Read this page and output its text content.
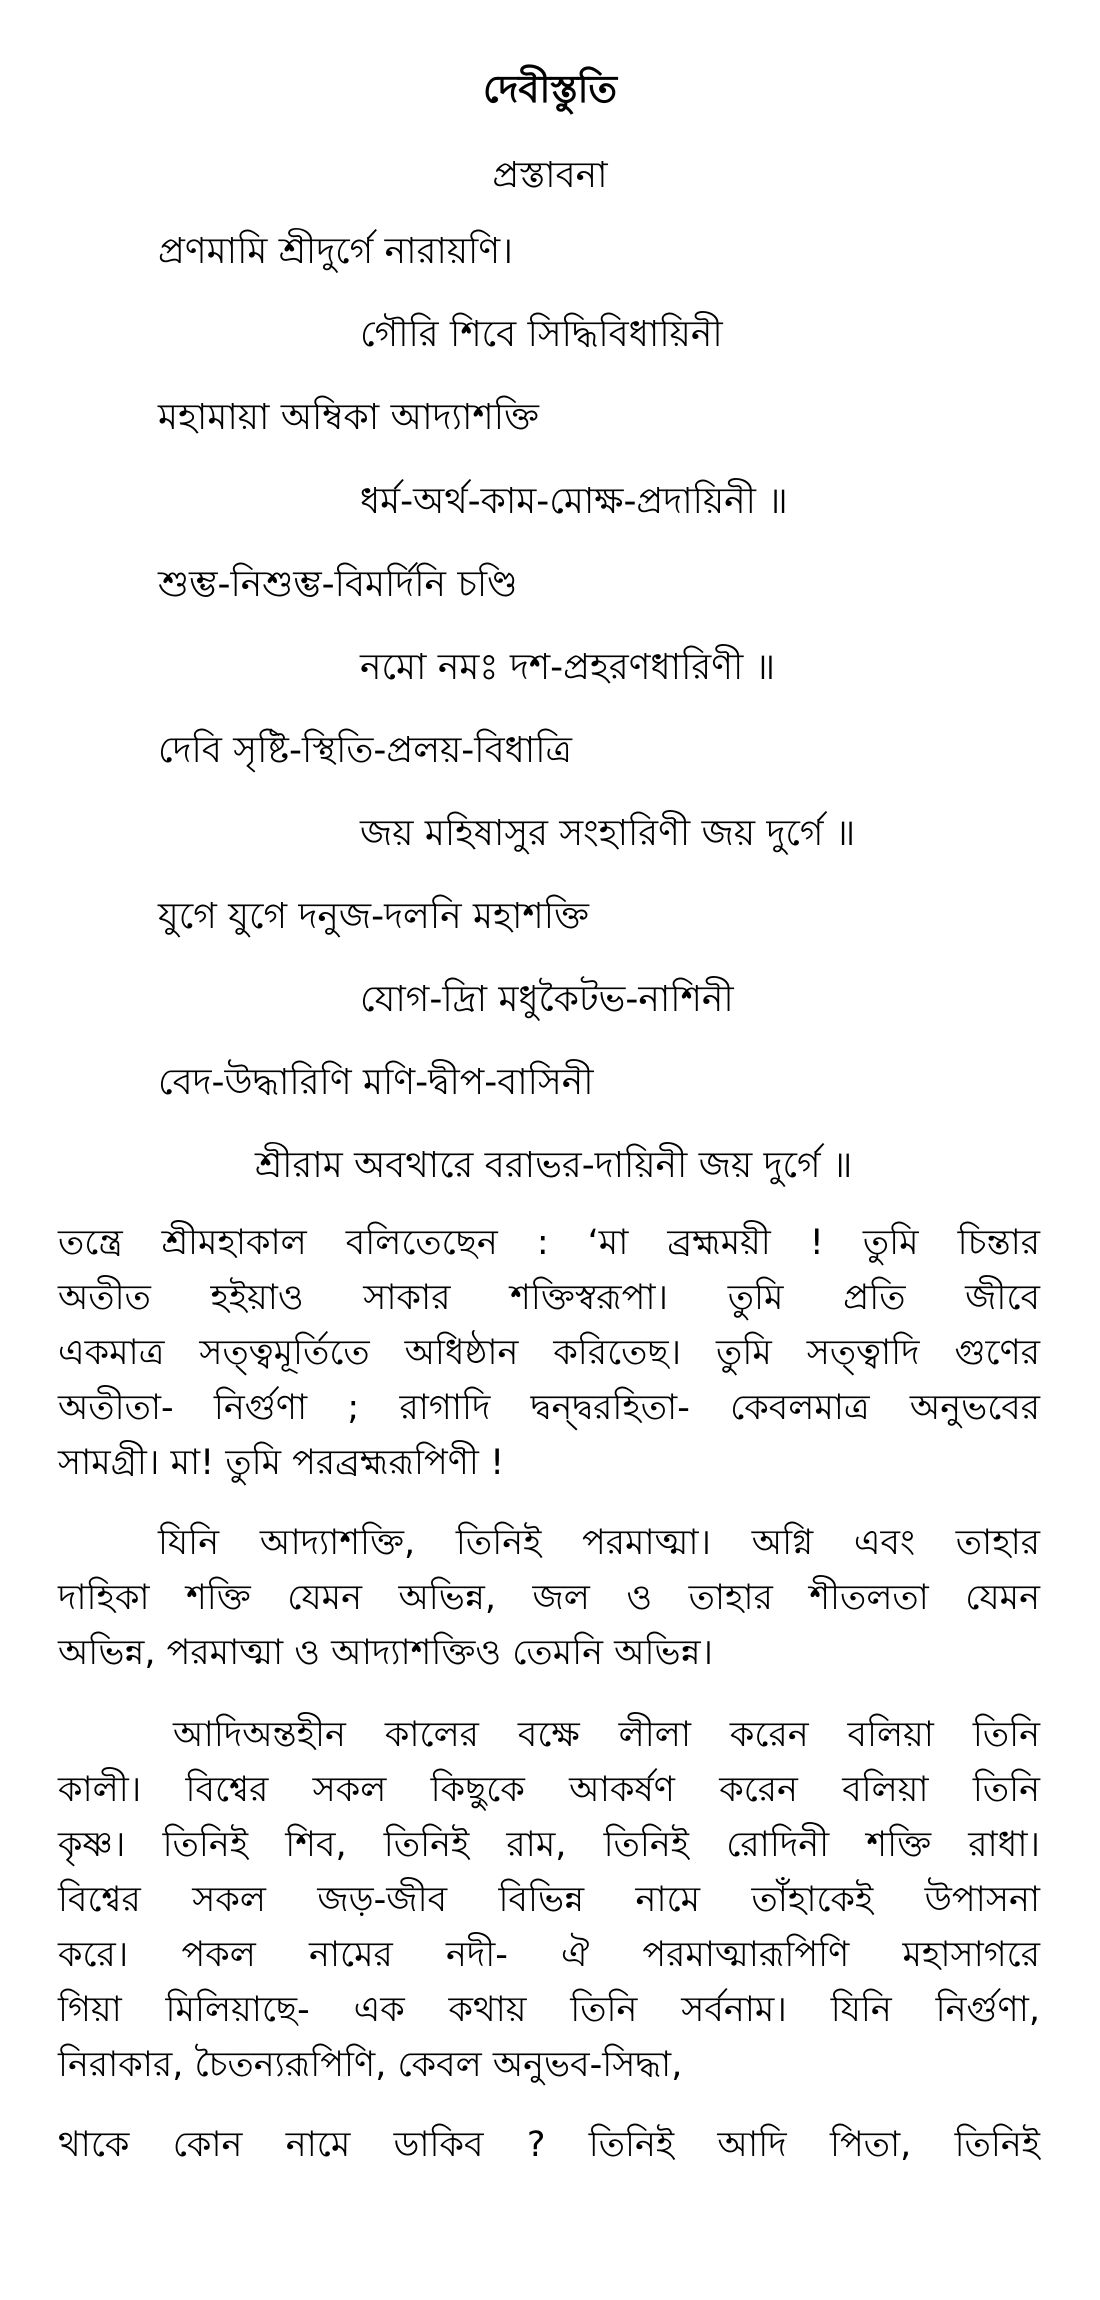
দেবীস্তুতি
প্রস্তাবনা
প্রণমামি শ্রীদুর্গে নারায়ণি।
গৌরি শিবে সিদ্ধিবিধায়িনী
মহামায়া অম্বিকা আদ্যাশক্তি
ধর্ম-অর্থ-কাম-মোক্ষ-প্রদায়িনী ॥
শুম্ভ-নিশুম্ভ-বিমর্দিনি চণ্ডি
নমো নমঃ দশ-প্রহরণধারিণী ॥
দেবি সৃষ্টি-স্থিতি-প্রলয়-বিধাত্রি
জয় মহিষাসুর সংহারিণী জয় দুর্গে ॥
যুগে যুগে দনুজ-দলনি মহাশক্তি
যোগ-দ্রিা মধুকৈটভ-নাশিনী
বেদ-উদ্ধারিণি মণি-দ্বীপ-বাসিনী
শ্রীরাম অবথারে বরাভর-দায়িনী জয় দুর্গে ॥
তন্ত্রে শ্রীমহাকাল বলিতেছেন : ‘মা ব্রহ্মময়ী ! তুমি চিন্তার
অতীত হইয়াও সাকার শক্তিস্বরূপা। তুমি প্রতি জীবে
একমাত্র সত্ত্বমূর্তিতে অধিষ্ঠান করিতেছ। তুমি সত্ত্বাদি গুণের
অতীতা- নির্গুণা ; রাগাদি দ্বন্দ্বরহিতা- কেবলমাত্র অনুভবের
সামগ্রী। মা! তুমি পরব্রহ্মরূপিণী !
যিনি আদ্যাশক্তি, তিনিই পরমাত্মা। অগ্নি এবং তাহার
দাহিকা শক্তি যেমন অভিন্ন, জল ও তাহার শীতলতা যেমন
অভিন্ন, পরমাত্মা ও আদ্যাশক্তিও তেমনি অভিন্ন।
আদিঅন্তহীন কালের বক্ষে লীলা করেন বলিয়া তিনি
কালী। বিশ্বের সকল কিছুকে আকর্ষণ করেন বলিয়া তিনি
কৃষ্ণ। তিনিই শিব, তিনিই রাম, তিনিই রোদিনী শক্তি রাধা।
বিশ্বের সকল জড়-জীব বিভিন্ন নামে তাঁহাকেই উপাসনা
করে। পকল নামের নদী- ঐ পরমাত্মারূপিণি মহাসাগরে
গিয়া মিলিয়াছে- এক কথায় তিনি সর্বনাম। যিনি নির্গুণা,
নিরাকার, চৈতন্যরূপিণি, কেবল অনুভব-সিদ্ধা,
থাকে কোন নামে ডাকিব ? তিনিই আদি পিতা, তিনিই
